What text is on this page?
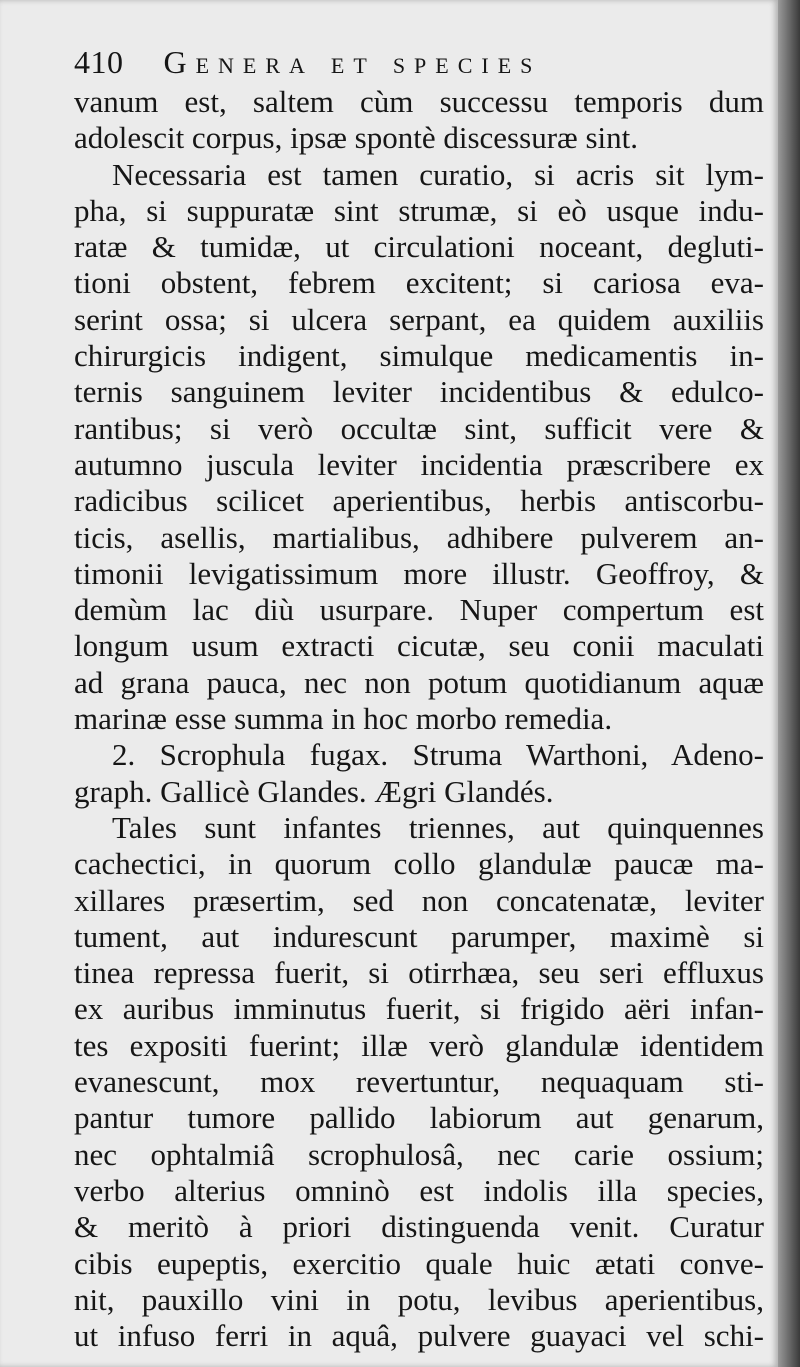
410 Genera et species
vanum est, saltem cùm successu temporis dum
adolescit corpus, ipsæ spontè discessuræ sint.
Necessaria est tamen curatio, si acris sit lym-
pha, si suppuratæ sint strumæ, si eò usque indu-
ratæ & tumidæ, ut circulationi noceant, degluti-
tioni obstent, febrem excitent; si cariosa eva-
serint ossa; si ulcera serpant, ea quidem auxiliis
chirurgicis indigent, simulque medicamentis in-
ternis sanguinem leviter incidentibus & edulco-
rantibus; si verò occultæ sint, sufficit vere &
autumno juscula leviter incidentia præscribere ex
radicibus scilicet aperientibus, herbis antiscorbu-
ticis, asellis, martialibus, adhibere pulverem an-
timonii levigatissimum more illustr. Geoffroy, &
demùm lac diù usurpare. Nuper compertum est
longum usum extracti cicutæ, seu conii maculati
ad grana pauca, nec non potum quotidianum aquæ
marinæ esse summa in hoc morbo remedia.
2. Scrophula fugax. Struma Warthoni, Adeno-
graph. Gallicè Glandes. Ægri Glandés.
Tales sunt infantes triennes, aut quinquennes
cachectici, in quorum collo glandulæ paucæ ma-
xillares præsertim, sed non concatenatæ, leviter
tument, aut indurescunt parumper, maximè si
tinea repressa fuerit, si otirrhæa, seu seri effluxus
ex auribus imminutus fuerit, si frigido aëri infan-
tes expositi fuerint; illæ verò glandulæ identidem
evanescunt, mox revertuntur, nequaquam sti-
pantur tumore pallido labiorum aut genarum,
nec ophtalmiâ scrophulosâ, nec carie ossium;
verbo alterius omninò est indolis illa species,
& meritò à priori distinguenda venit. Curatur
cibis eupeptis, exercitio quale huic ætati conve-
nit, pauxillo vini in potu, levibus aperientibus,
ut infuso ferri in aquâ, pulvere guayaci vel schi-
